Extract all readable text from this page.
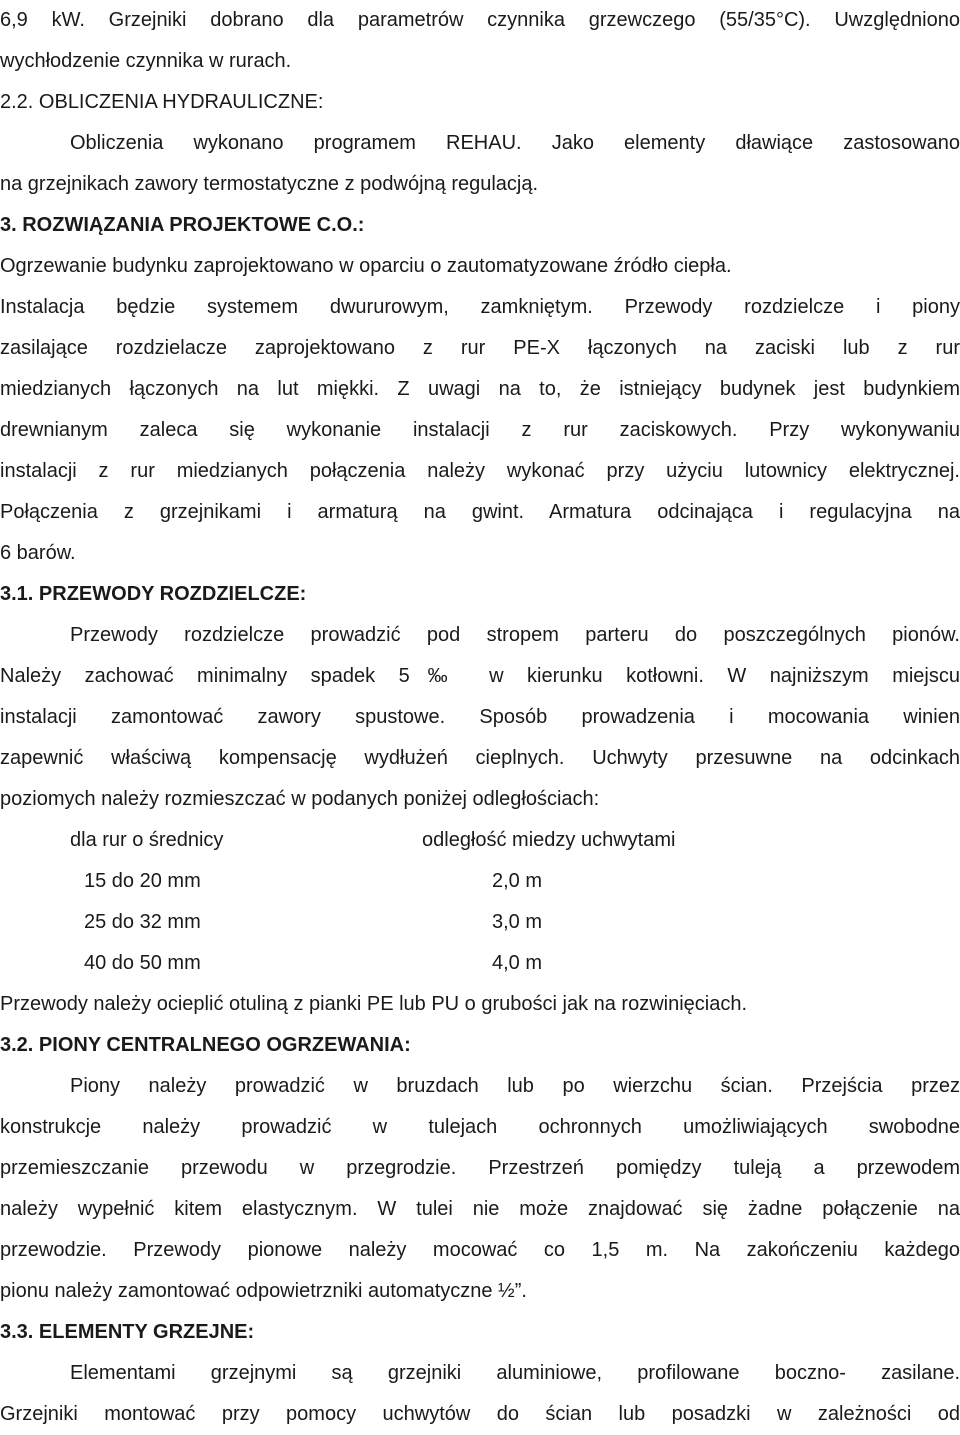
6,9 kW. Grzejniki dobrano dla parametrów czynnika grzewczego (55/35°C). Uwzględniono
wychłodzenie czynnika w rurach.
2.2. OBLICZENIA HYDRAULICZNE:
Obliczenia wykonano programem REHAU. Jako elementy dławiące zastosowano
na grzejnikach zawory termostatyczne z podwójną regulacją.
3. ROZWIĄZANIA PROJEKTOWE C.O.:
Ogrzewanie budynku zaprojektowano w oparciu o zautomatyzowane źródło ciepła.
Instalacja będzie systemem dwururowym, zamkniętym. Przewody rozdzielcze i piony
zasilające rozdzielacze zaprojektowano z rur PE-X łączonych na zaciski lub z rur
miedzianych łączonych na lut miękki. Z uwagi na to, że istniejący budynek jest budynkiem
drewnianym zaleca się wykonanie instalacji z rur zaciskowych. Przy wykonywaniu
instalacji z rur miedzianych połączenia należy wykonać przy użyciu lutownicy elektrycznej.
Połączenia z grzejnikami i armaturą na gwint. Armatura odcinająca i regulacyjna na
6 barów.
3.1. PRZEWODY ROZDZIELCZE:
Przewody rozdzielcze prowadzić pod stropem parteru do poszczególnych pionów.
Należy zachować minimalny spadek 5‰ w kierunku kotłowni. W najniższym miejscu
instalacji zamontować zawory spustowe. Sposób prowadzenia i mocowania winien
zapewnić właściwą kompensację wydłużeń cieplnych. Uchwyty przesuwne na odcinkach
poziomych należy rozmieszczać w podanych poniżej odległościach:
dla rur o średnicy	odległość miedzy uchwytami
15 do 20 mm	2,0 m
25 do 32 mm	3,0 m
40 do 50 mm	4,0 m
Przewody należy ocieplić otuliną z pianki PE lub PU o grubości jak na rozwinięciach.
3.2. PIONY CENTRALNEGO OGRZEWANIA:
Piony należy prowadzić w bruzdach lub po wierzchu ścian. Przejścia przez
konstrukcje należy prowadzić w tulejach ochronnych umożliwiających swobodne
przemieszczanie przewodu w przegrodzie. Przestrzeń pomiędzy tuleją a przewodem
należy wypełnić kitem elastycznym. W tulei nie może znajdować się żadne połączenie na
przewodzie. Przewody pionowe należy mocować co 1,5 m. Na zakończeniu każdego
pionu należy zamontować odpowietrzniki automatyczne ½”.
3.3. ELEMENTY GRZEJNE:
Elementami grzejnymi są grzejniki aluminiowe, profilowane boczno- zasilane.
Grzejniki montować przy pomocy uchwytów do ścian lub posadzki w zależności od
